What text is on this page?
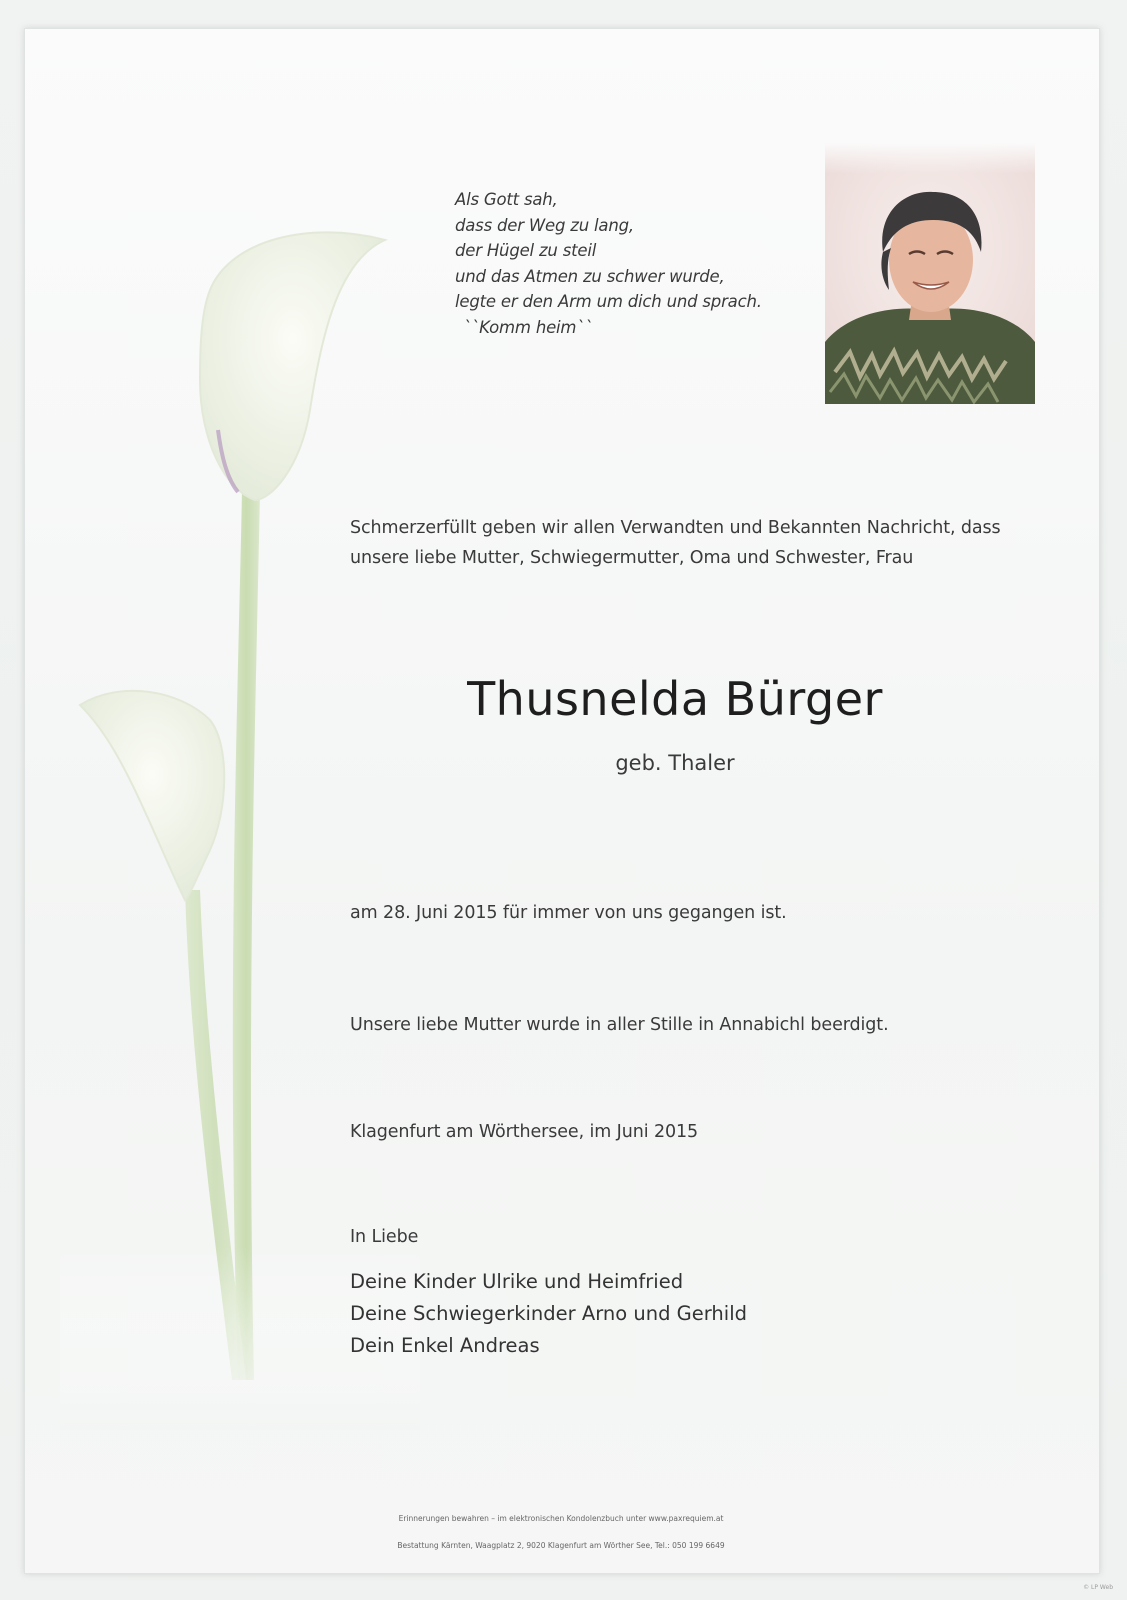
Als Gott sah,
dass der Weg zu lang,
der Hügel zu steil
und das Atmen zu schwer wurde,
legte er den Arm um dich und sprach.
``Komm heim``
Schmerzerfüllt geben wir allen Verwandten und Bekannten Nachricht, dass
unsere liebe Mutter, Schwiegermutter, Oma und Schwester, Frau
Thusnelda Bürger
geb. Thaler
am 28. Juni 2015 für immer von uns gegangen ist.
Unsere liebe Mutter wurde in aller Stille in Annabichl beerdigt.
Klagenfurt am Wörthersee, im Juni 2015
In Liebe
Deine Kinder Ulrike und Heimfried
Deine Schwiegerkinder Arno und Gerhild
Dein Enkel Andreas
Erinnerungen bewahren – im elektronischen Kondolenzbuch unter www.paxrequiem.at
Bestattung Kärnten, Waagplatz 2, 9020 Klagenfurt am Wörther See, Tel.: 050 199 6649
© LP Web
